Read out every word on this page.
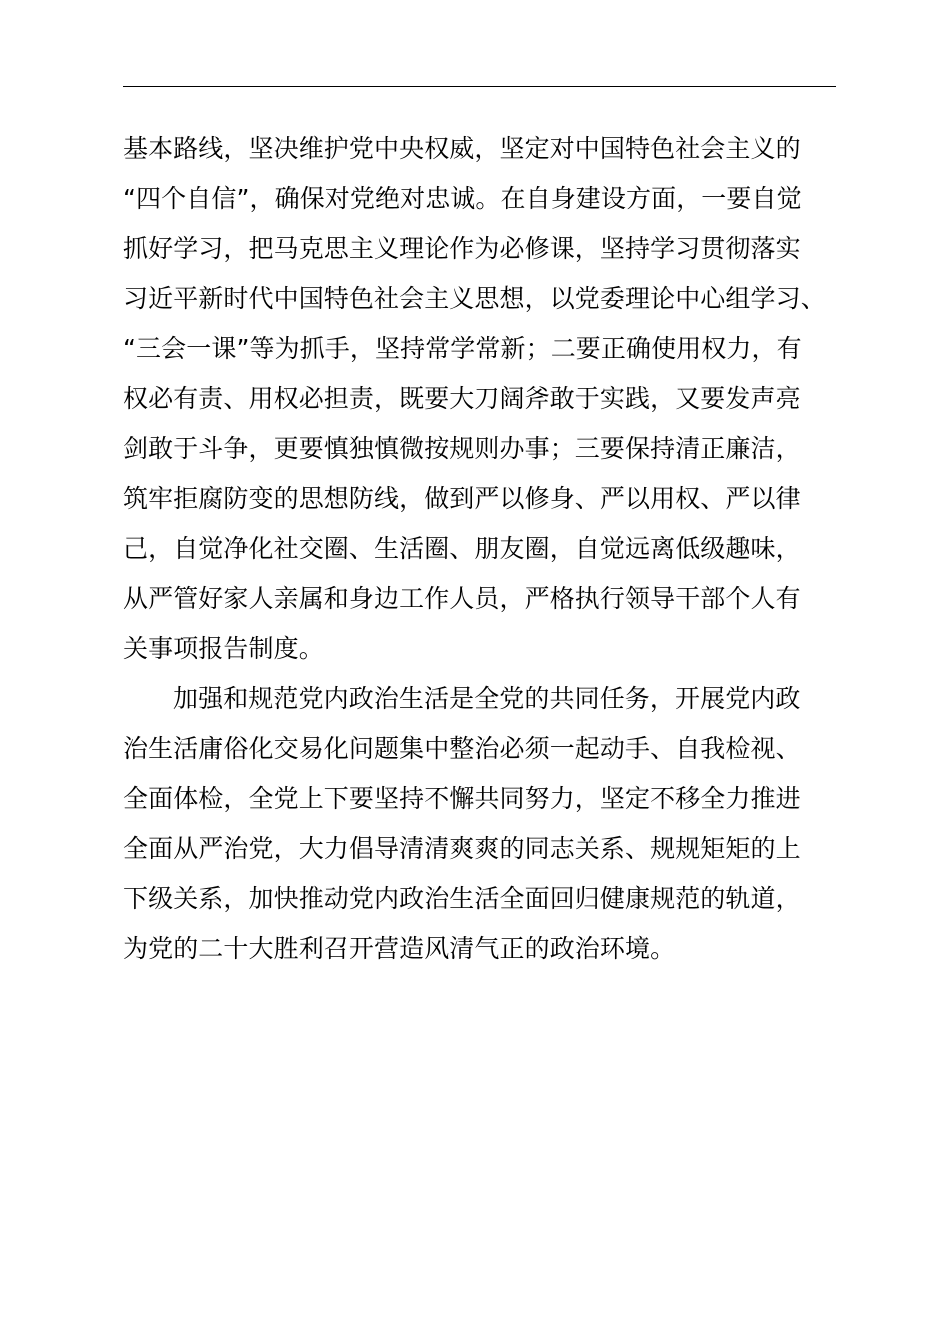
基本路线，坚决维护党中央权威，坚定对中国特色社会主义的
“四个自信”，确保对党绝对忠诚。在自身建设方面，一要自觉
抓好学习，把马克思主义理论作为必修课，坚持学习贯彻落实
习近平新时代中国特色社会主义思想，以党委理论中心组学习、
“三会一课”等为抓手，坚持常学常新；二要正确使用权力，有
权必有责、用权必担责，既要大刀阔斧敢于实践，又要发声亮
剑敢于斗争，更要慎独慎微按规则办事；三要保持清正廉洁，
筑牢拒腐防变的思想防线，做到严以修身、严以用权、严以律
己，自觉净化社交圈、生活圈、朋友圈，自觉远离低级趣味，
从严管好家人亲属和身边工作人员，严格执行领导干部个人有
关事项报告制度。
加强和规范党内政治生活是全党的共同任务，开展党内政
治生活庸俗化交易化问题集中整治必须一起动手、自我检视、
全面体检，全党上下要坚持不懈共同努力，坚定不移全力推进
全面从严治党，大力倡导清清爽爽的同志关系、规规矩矩的上
下级关系，加快推动党内政治生活全面回归健康规范的轨道，
为党的二十大胜利召开营造风清气正的政治环境。
